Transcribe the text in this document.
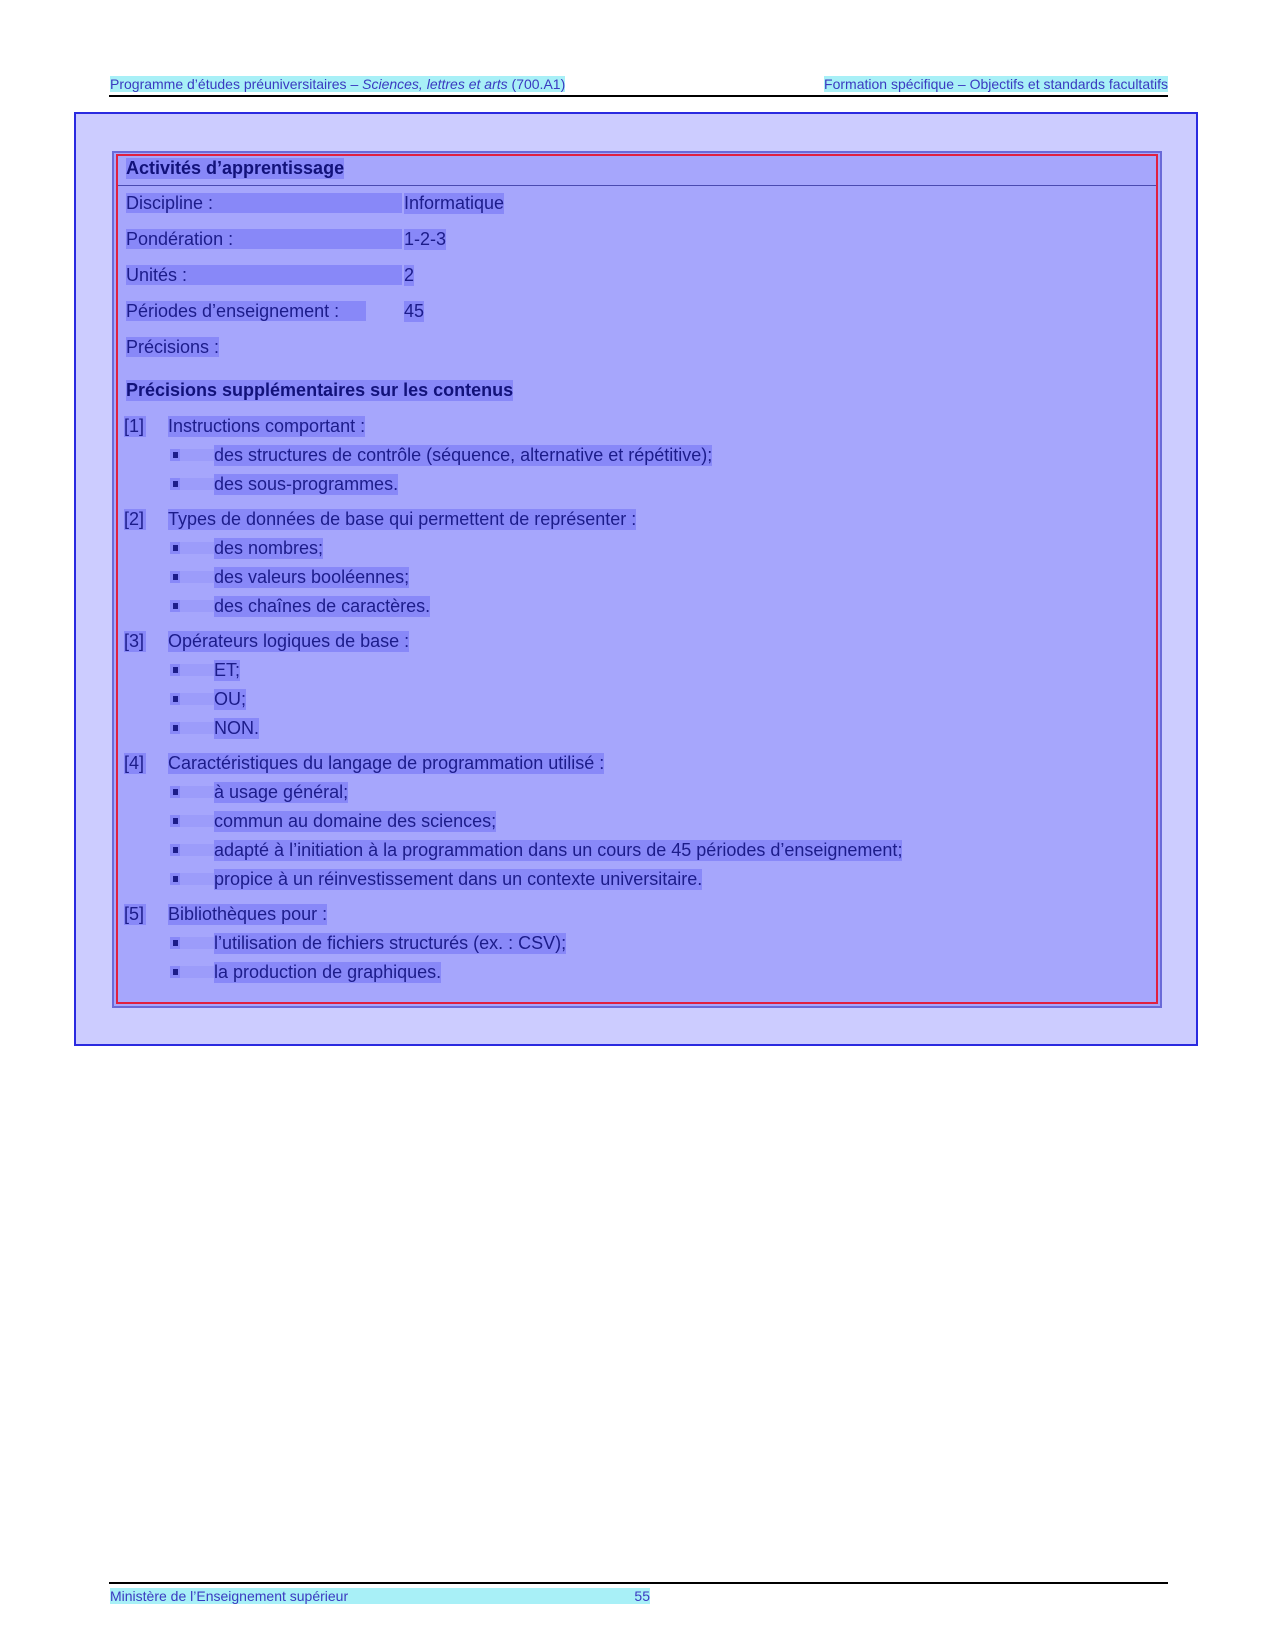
Programme d’études préuniversitaires – Sciences, lettres et arts (700.A1)	Formation spécifique – Objectifs et standards facultatifs
Activités d’apprentissage
Discipline :	Informatique
Pondération :	1-2-3
Unités :	2
Périodes d’enseignement :	45
Précisions :
Précisions supplémentaires sur les contenus
[1] Instructions comportant :
des structures de contrôle (séquence, alternative et répétitive);
des sous-programmes.
[2] Types de données de base qui permettent de représenter :
des nombres;
des valeurs booléennes;
des chaînes de caractères.
[3] Opérateurs logiques de base :
ET;
OU;
NON.
[4] Caractéristiques du langage de programmation utilisé :
à usage général;
commun au domaine des sciences;
adapté à l’initiation à la programmation dans un cours de 45 périodes d’enseignement;
propice à un réinvestissement dans un contexte universitaire.
[5] Bibliothèques pour :
l’utilisation de fichiers structurés (ex. : CSV);
la production de graphiques.
Ministère de l’Enseignement supérieur	55
